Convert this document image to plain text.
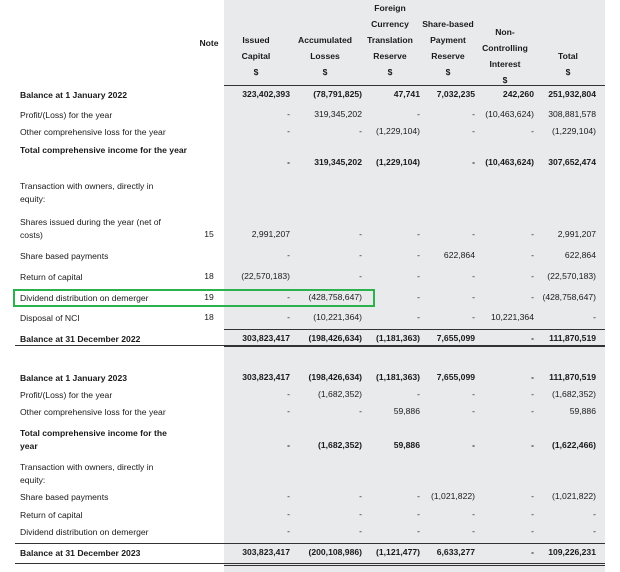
Note	Issued
Capital
$
Accumulated
Losses
$
Foreign
Currency
Translation
Reserve
$
Share-based
Payment
Reserve
$
Non-
Controlling
Interest
$
Total
$
Balance at 1 January 2022	323,402,393	(78,791,825)	47,741 7,032,235	242,260 251,932,804
Profit/(Loss) for the year	-	319,345,202	-	- (10,463,624) 308,881,578
Other comprehensive loss for the year	-	- (1,229,104)	-	- (1,229,104)
Total comprehensive income for the year
-	319,345,202 (1,229,104)	- (10,463,624) 307,652,474
Transaction with owners, directly in
equity:
Shares issued during the year (net of
costs)	15	2,991,207	-	-	-	-	2,991,207
Share based payments	-	-	-	622,864	-	622,864
Return of capital	18	(22,570,183)	-	-	-	- (22,570,183)
Dividend distribution on demerger	19	- (428,758,647)	-	-	- (428,758,647)
Disposal of NCI	18	-	(10,221,364)	-	- 10,221,364	-
Balance at 31 December 2022	303,823,417 (198,426,634) (1,181,363) 7,655,099	- 111,870,519
Balance at 1 January 2023	303,823,417 (198,426,634) (1,181,363) 7,655,099	- 111,870,519
Profit/(Loss) for the year	-	(1,682,352)	-	-	- (1,682,352)
Other comprehensive loss for the year	-	-	59,886	-	-	59,886
Total comprehensive income for the
year	-	(1,682,352)	59,886	-	- (1,622,466)
Transaction with owners, directly in
equity:
Share based payments	-	-	- (1,021,822)	- (1,021,822)
Return of capital	-	-	-	-	-	-
Dividend distribution on demerger	-	-	-	-	-	-
Balance at 31 December 2023	303,823,417 (200,108,986) (1,121,477) 6,633,277	- 109,226,231
